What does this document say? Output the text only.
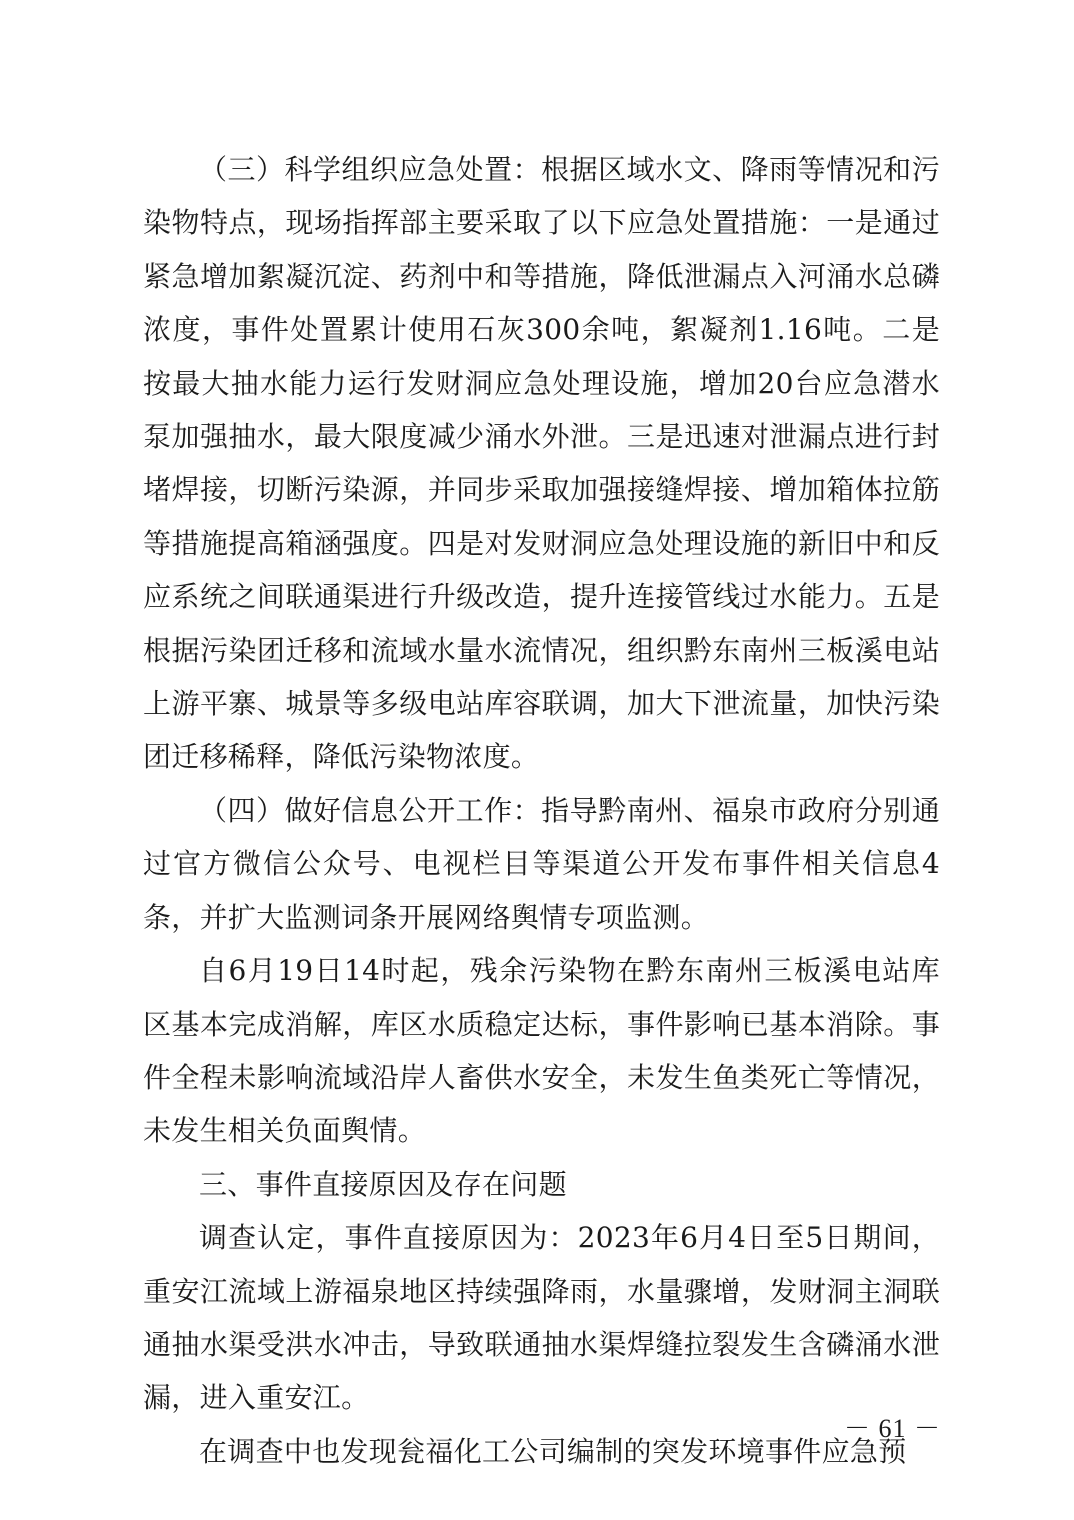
（三）科学组织应急处置：根据区域水文、降雨等情况和污染物特点，现场指挥部主要采取了以下应急处置措施：一是通过紧急增加絮凝沉淀、药剂中和等措施，降低泄漏点入河涌水总磷浓度，事件处置累计使用石灰300余吨，絮凝剂1.16吨。二是按最大抽水能力运行发财洞应急处理设施，增加20台应急潜水泵加强抽水，最大限度减少涌水外泄。三是迅速对泄漏点进行封堵焊接，切断污染源，并同步采取加强接缝焊接、增加箱体拉筋等措施提高箱涵强度。四是对发财洞应急处理设施的新旧中和反应系统之间联通渠进行升级改造，提升连接管线过水能力。五是根据污染团迁移和流域水量水流情况，组织黔东南州三板溪电站上游平寨、城景等多级电站库容联调，加大下泄流量，加快污染团迁移稀释，降低污染物浓度。

（四）做好信息公开工作：指导黔南州、福泉市政府分别通过官方微信公众号、电视栏目等渠道公开发布事件相关信息4条，并扩大监测词条开展网络舆情专项监测。

自6月19日14时起，残余污染物在黔东南州三板溪电站库区基本完成消解，库区水质稳定达标，事件影响已基本消除。事件全程未影响流域沿岸人畜供水安全，未发生鱼类死亡等情况，未发生相关负面舆情。

三、事件直接原因及存在问题

调查认定，事件直接原因为：2023年6月4日至5日期间，重安江流域上游福泉地区持续强降雨，水量骤增，发财洞主洞联通抽水渠受洪水冲击，导致联通抽水渠焊缝拉裂发生含磷涌水泄漏，进入重安江。

在调查中也发现瓮福化工公司编制的突发环境事件应急预

－ 61 －
